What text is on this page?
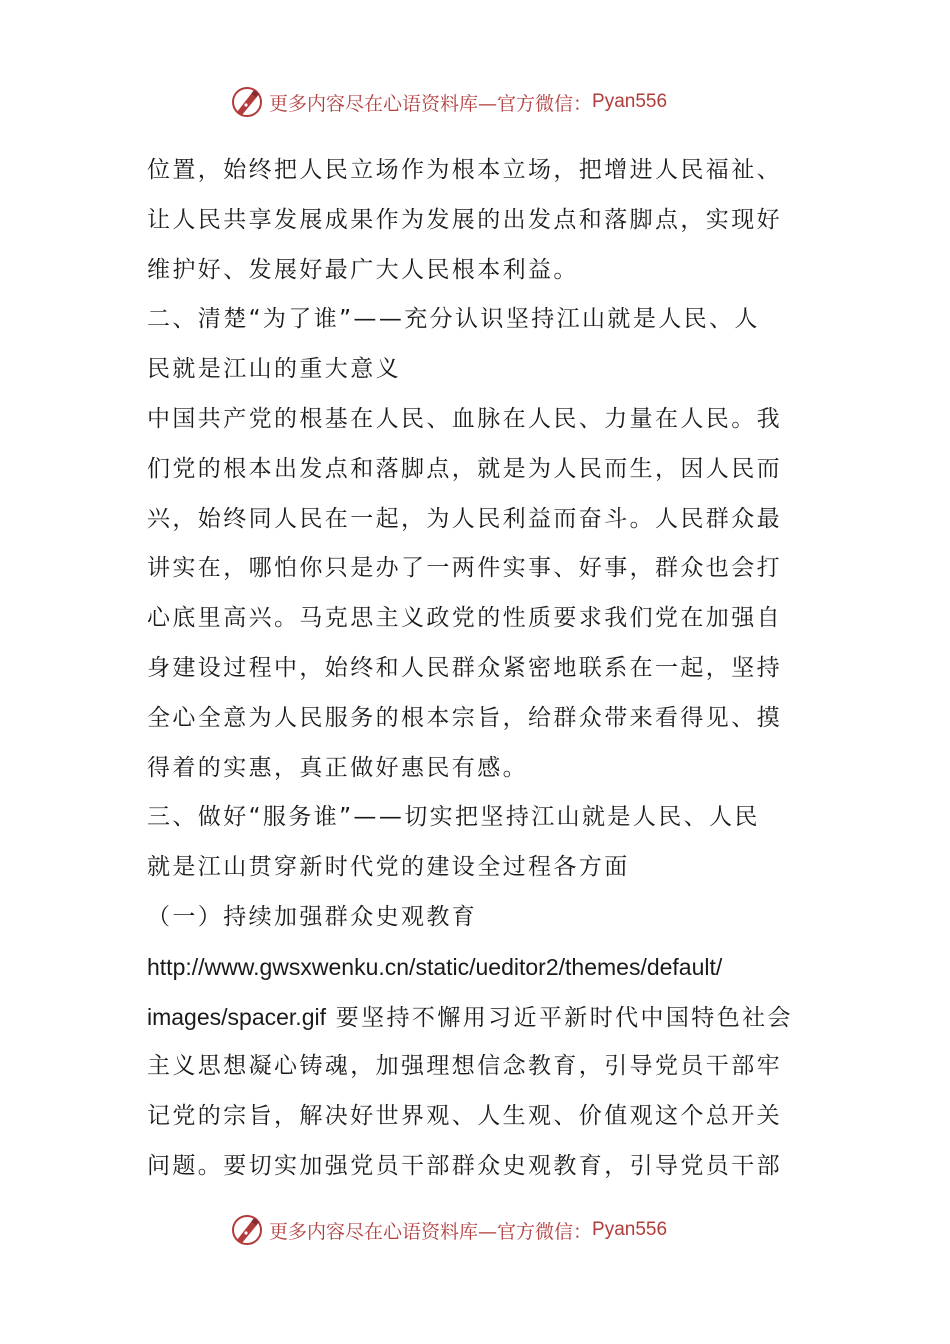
更多内容尽在心语资料库—官方微信： Pyan556
位置，始终把人民立场作为根本立场，把增进人民福祉、
让人民共享发展成果作为发展的出发点和落脚点，实现好
维护好、发展好最广大人民根本利益。
二、清楚“为了谁”——充分认识坚持江山就是人民、人
民就是江山的重大意义
中国共产党的根基在人民、血脉在人民、力量在人民。我
们党的根本出发点和落脚点，就是为人民而生，因人民而
兴，始终同人民在一起，为人民利益而奋斗。人民群众最
讲实在，哪怕你只是办了一两件实事、好事，群众也会打
心底里高兴。马克思主义政党的性质要求我们党在加强自
身建设过程中，始终和人民群众紧密地联系在一起，坚持
全心全意为人民服务的根本宗旨，给群众带来看得见、摸
得着的实惠，真正做好惠民有感。
三、做好“服务谁”——切实把坚持江山就是人民、人民
就是江山贯穿新时代党的建设全过程各方面
（一）持续加强群众史观教育
http://www.gwsxwenku.cn/static/ueditor2/themes/default/
images/spacer.gif 要坚持不懈用习近平新时代中国特色社会
主义思想凝心铸魂，加强理想信念教育，引导党员干部牢
记党的宗旨，解决好世界观、人生观、价值观这个总开关
问题。要切实加强党员干部群众史观教育，引导党员干部
更多内容尽在心语资料库—官方微信： Pyan556
